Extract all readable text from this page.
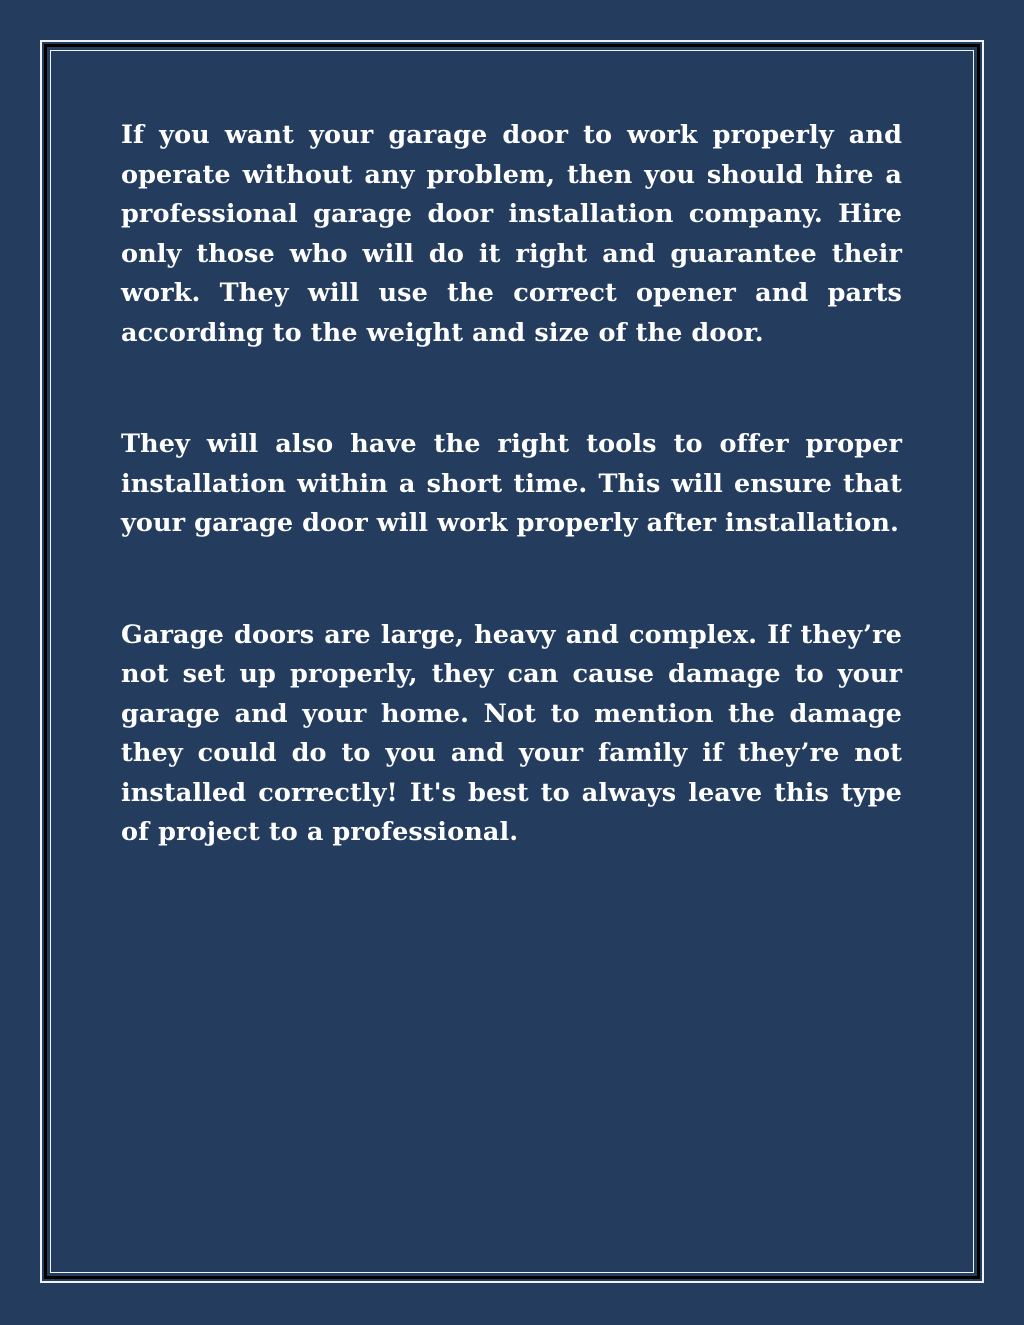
If you want your garage door to work properly and operate without any problem, then you should hire a professional garage door installation company. Hire only those who will do it right and guarantee their work. They will use the correct opener and parts according to the weight and size of the door.

They will also have the right tools to offer proper installation within a short time. This will ensure that your garage door will work properly after installation.

Garage doors are large, heavy and complex. If they’re not set up properly, they can cause damage to your garage and your home. Not to mention the damage they could do to you and your family if they’re not installed correctly! It's best to always leave this type of project to a professional.
